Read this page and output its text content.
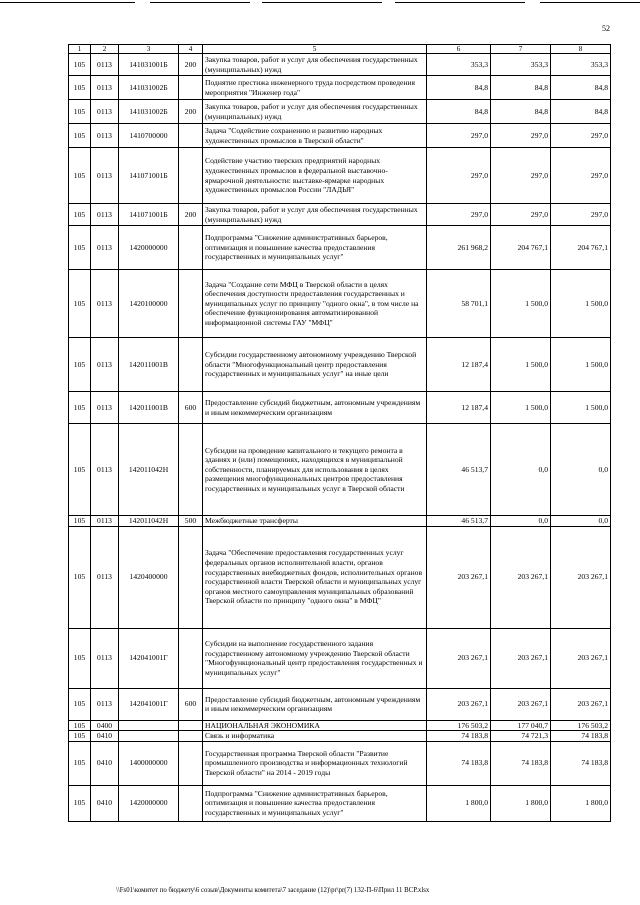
52
1	2	3	4	5	6	7	8
105	0113	141031001Б	200	Закупка товаров, работ и услуг для обеспечения государственных (муниципальных) нужд	353,3	353,3	353,3
105	0113	141031002Б		Поднятие престижа инженерного труда посредством проведения мероприятия "Инженер года"	84,8	84,8	84,8
105	0113	141031002Б	200	Закупка товаров, работ и услуг для обеспечения государственных (муниципальных) нужд	84,8	84,8	84,8
105	0113	1410700000		Задача "Содействие сохранению и развитию народных художественных промыслов в Тверской области"	297,0	297,0	297,0
105	0113	141071001Б		Содействие участию тверских предприятий народных художественных промыслов в федеральной выставочно-ярмарочной деятельности: выставке-ярмарке народных художественных промыслов России "ЛАДЬЯ"	297,0	297,0	297,0
105	0113	141071001Б	200	Закупка товаров, работ и услуг для обеспечения государственных (муниципальных) нужд	297,0	297,0	297,0
105	0113	1420000000		Подпрограмма "Снижение административных барьеров, оптимизация и повышение качества предоставления государственных и муниципальных услуг"	261 968,2	204 767,1	204 767,1
105	0113	1420100000		Задача "Создание сети МФЦ в Тверской области в целях обеспечения доступности предоставления государственных и муниципальных услуг по принципу "одного окна", в том числе на обеспечение функционирования автоматизированной информационной системы ГАУ "МФЦ"	58 701,1	1 500,0	1 500,0
105	0113	142011001В		Субсидии государственному автономному учреждению Тверской области "Многофункциональный центр предоставления государственных и муниципальных услуг" на иные цели	12 187,4	1 500,0	1 500,0
105	0113	142011001В	600	Предоставление субсидий бюджетным, автономным учреждениям и иным некоммерческим организациям	12 187,4	1 500,0	1 500,0
105	0113	142011042Н		Субсидии на проведение капитального и текущего ремонта в зданиях и (или) помещениях, находящихся в муниципальной собственности, планируемых для использования в целях размещения многофункциональных центров предоставления государственных и муниципальных услуг в Тверской области	46 513,7	0,0	0,0
105	0113	142011042Н	500	Межбюджетные трансферты	46 513,7	0,0	0,0
105	0113	1420400000		Задача "Обеспечение предоставления государственных услуг федеральных органов исполнительной власти, органов государственных внебюджетных фондов, исполнительных органов государственной власти Тверской области и муниципальных услуг органов местного самоуправления муниципальных образований Тверской области по принципу "одного окна" в МФЦ"	203 267,1	203 267,1	203 267,1
105	0113	142041001Г		Субсидии на выполнение государственного задания государственному автономному учреждению Тверской области "Многофункциональный центр предоставления государственных и муниципальных услуг"	203 267,1	203 267,1	203 267,1
105	0113	142041001Г	600	Предоставление субсидий бюджетным, автономным учреждениям и иным некоммерческим организациям	203 267,1	203 267,1	203 267,1
105	0400			НАЦИОНАЛЬНАЯ ЭКОНОМИКА	176 503,2	177 040,7	176 503,2
105	0410			Связь и информатика	74 183,8	74 721,3	74 183,8
105	0410	1400000000		Государственная программа Тверской области "Развитие промышленного производства и информационных технологий Тверской области" на 2014 - 2019 годы	74 183,8	74 183,8	74 183,8
105	0410	1420000000		Подпрограмма "Снижение административных барьеров, оптимизация и повышение качества предоставления государственных и муниципальных услуг"	1 800,0	1 800,0	1 800,0
\\Fs01\комитет по бюджету\6 созыв\Документы комитета\7 заседание (12)\pr\pr(7) 132-П-6\Прил 11 BCP.xlsx
